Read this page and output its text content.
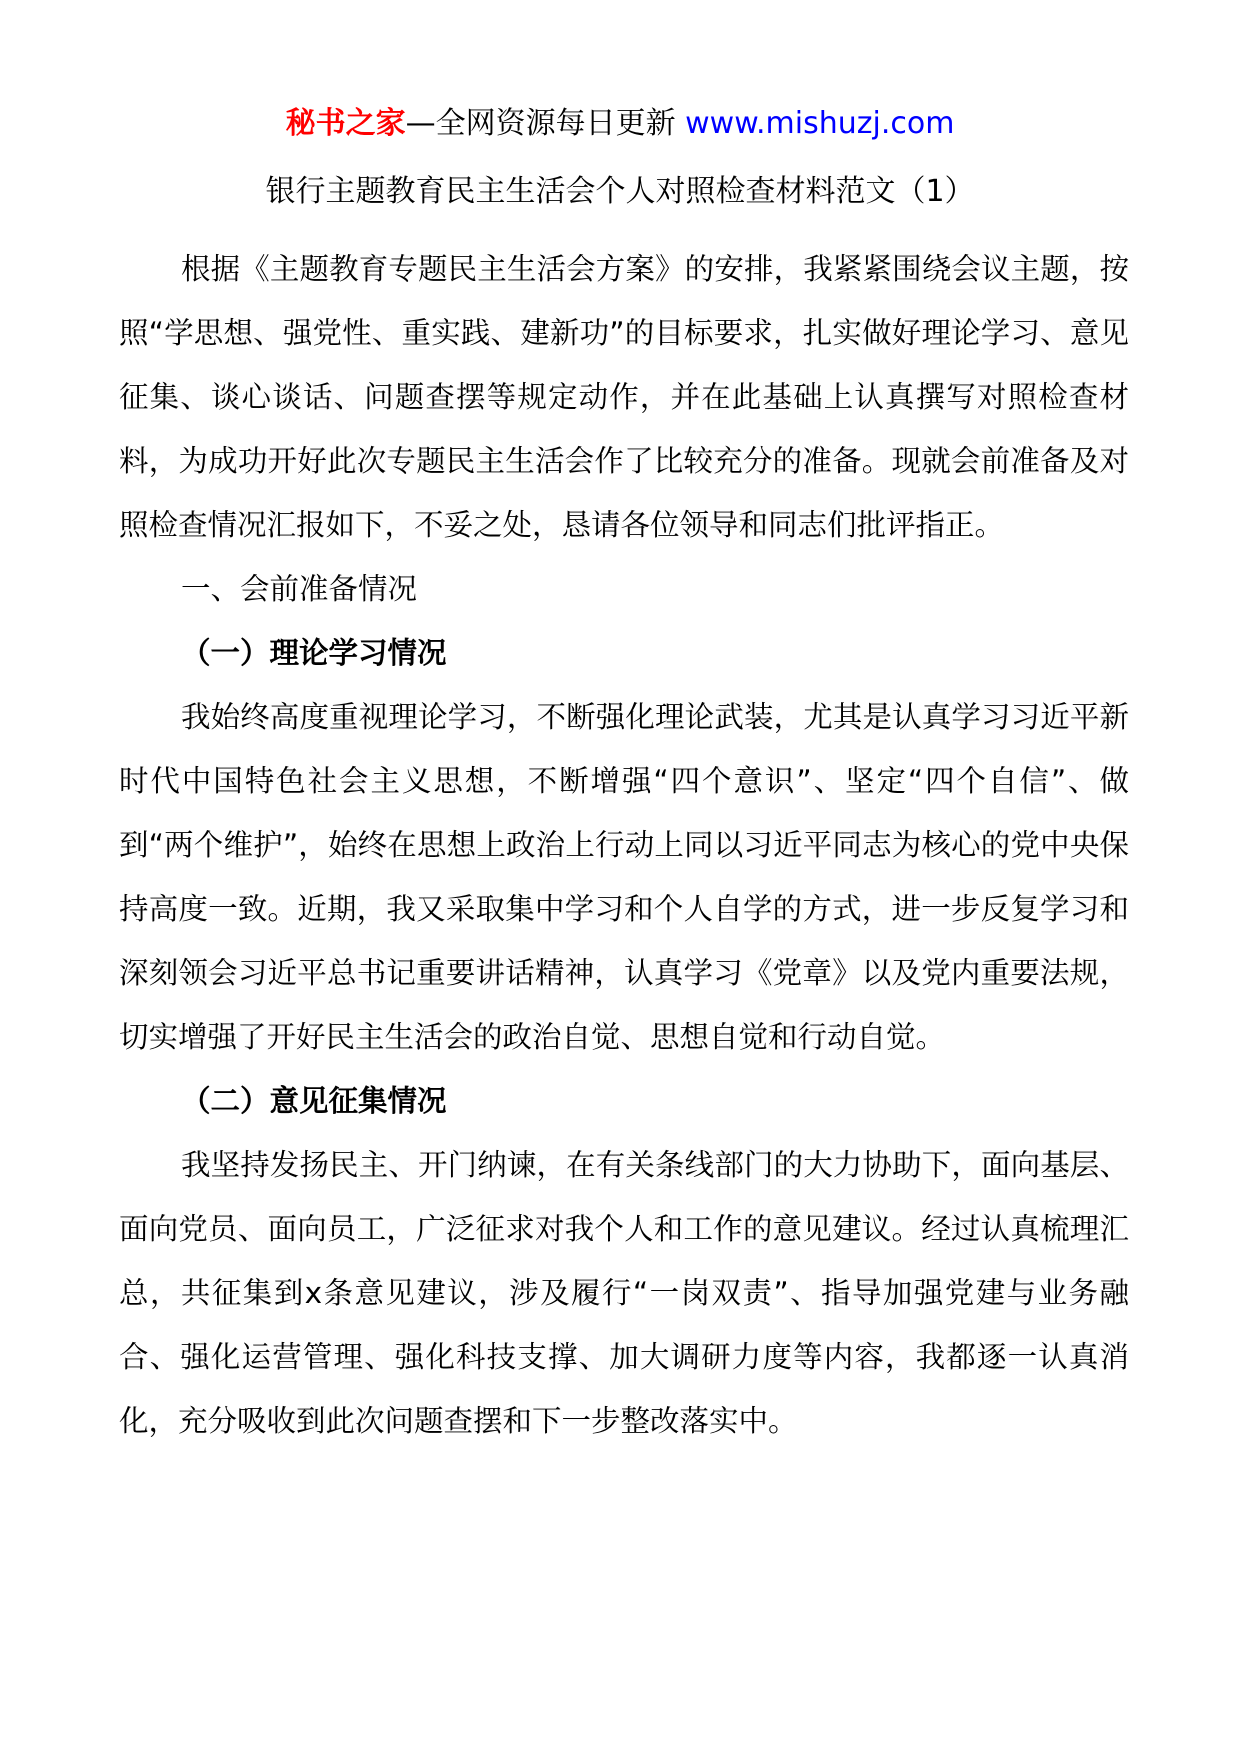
秘书之家—全网资源每日更新 www.mishuzj.com
银行主题教育民主生活会个人对照检查材料范文（1）

根据《主题教育专题民主生活会方案》的安排，我紧紧围绕会议主题，按照“学思想、强党性、重实践、建新功”的目标要求，扎实做好理论学习、意见征集、谈心谈话、问题查摆等规定动作，并在此基础上认真撰写对照检查材料，为成功开好此次专题民主生活会作了比较充分的准备。现就会前准备及对照检查情况汇报如下，不妥之处，恳请各位领导和同志们批评指正。

一、会前准备情况

（一）理论学习情况

我始终高度重视理论学习，不断强化理论武装，尤其是认真学习习近平新时代中国特色社会主义思想，不断增强“四个意识”、坚定“四个自信”、做到“两个维护”，始终在思想上政治上行动上同以习近平同志为核心的党中央保持高度一致。近期，我又采取集中学习和个人自学的方式，进一步反复学习和深刻领会习近平总书记重要讲话精神，认真学习《党章》以及党内重要法规，切实增强了开好民主生活会的政治自觉、思想自觉和行动自觉。

（二）意见征集情况

我坚持发扬民主、开门纳谏，在有关条线部门的大力协助下，面向基层、面向党员、面向员工，广泛征求对我个人和工作的意见建议。经过认真梳理汇总，共征集到x条意见建议，涉及履行“一岗双责”、指导加强党建与业务融合、强化运营管理、强化科技支撑、加大调研力度等内容，我都逐一认真消化，充分吸收到此次问题查摆和下一步整改落实中。
